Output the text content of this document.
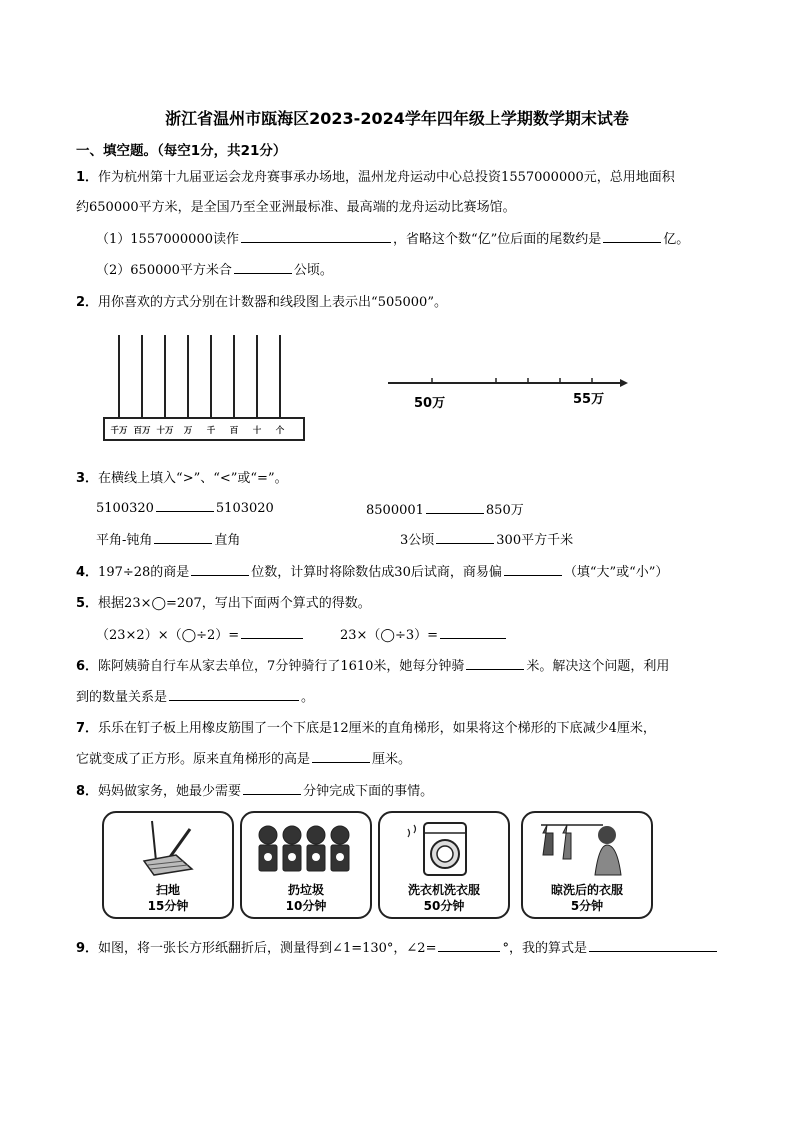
浙江省温州市瓯海区2023-2024学年四年级上学期数学期末试卷
一、填空题。（每空1分，共21分）
1．作为杭州第十九届亚运会龙舟赛事承办场地，温州龙舟运动中心总投资1557000000元，总用地面积
约650000平方米，是全国乃至全亚洲最标准、最高端的龙舟运动比赛场馆。
（1）1557000000读作	，省略这个数“亿”位后面的尾数约是	亿。
（2）650000平方米合	公顷。
2．用你喜欢的方式分别在计数器和线段图上表示出“505000”。
千万 百万 十万 万 千 百 十 个
50万	55万
3．在横线上填入“>”、“<”或“=”。
5100320	5103020	8500001	850万
平角-钝角	直角	3公顷	300平方千米
4．197÷28的商是	位数，计算时将除数估成30后试商，商易偏	（填“大”或“小”）
5．根据23×◯=207，写出下面两个算式的得数。
（23×2）×（◯÷2）=	23×（◯÷3）=
6．陈阿姨骑自行车从家去单位，7分钟骑行了1610米，她每分钟骑	米。解决这个问题，利用
到的数量关系是	。
7．乐乐在钉子板上用橡皮筋围了一个下底是12厘米的直角梯形，如果将这个梯形的下底减少4厘米，
它就变成了正方形。原来直角梯形的高是	厘米。
8．妈妈做家务，她最少需要	分钟完成下面的事情。
扫地
15分钟
扔垃圾
10分钟
洗衣机洗衣服
50分钟
晾洗后的衣服
5分钟
9．如图，将一张长方形纸翻折后，测量得到∠1=130°，∠2=	°，我的算式是
